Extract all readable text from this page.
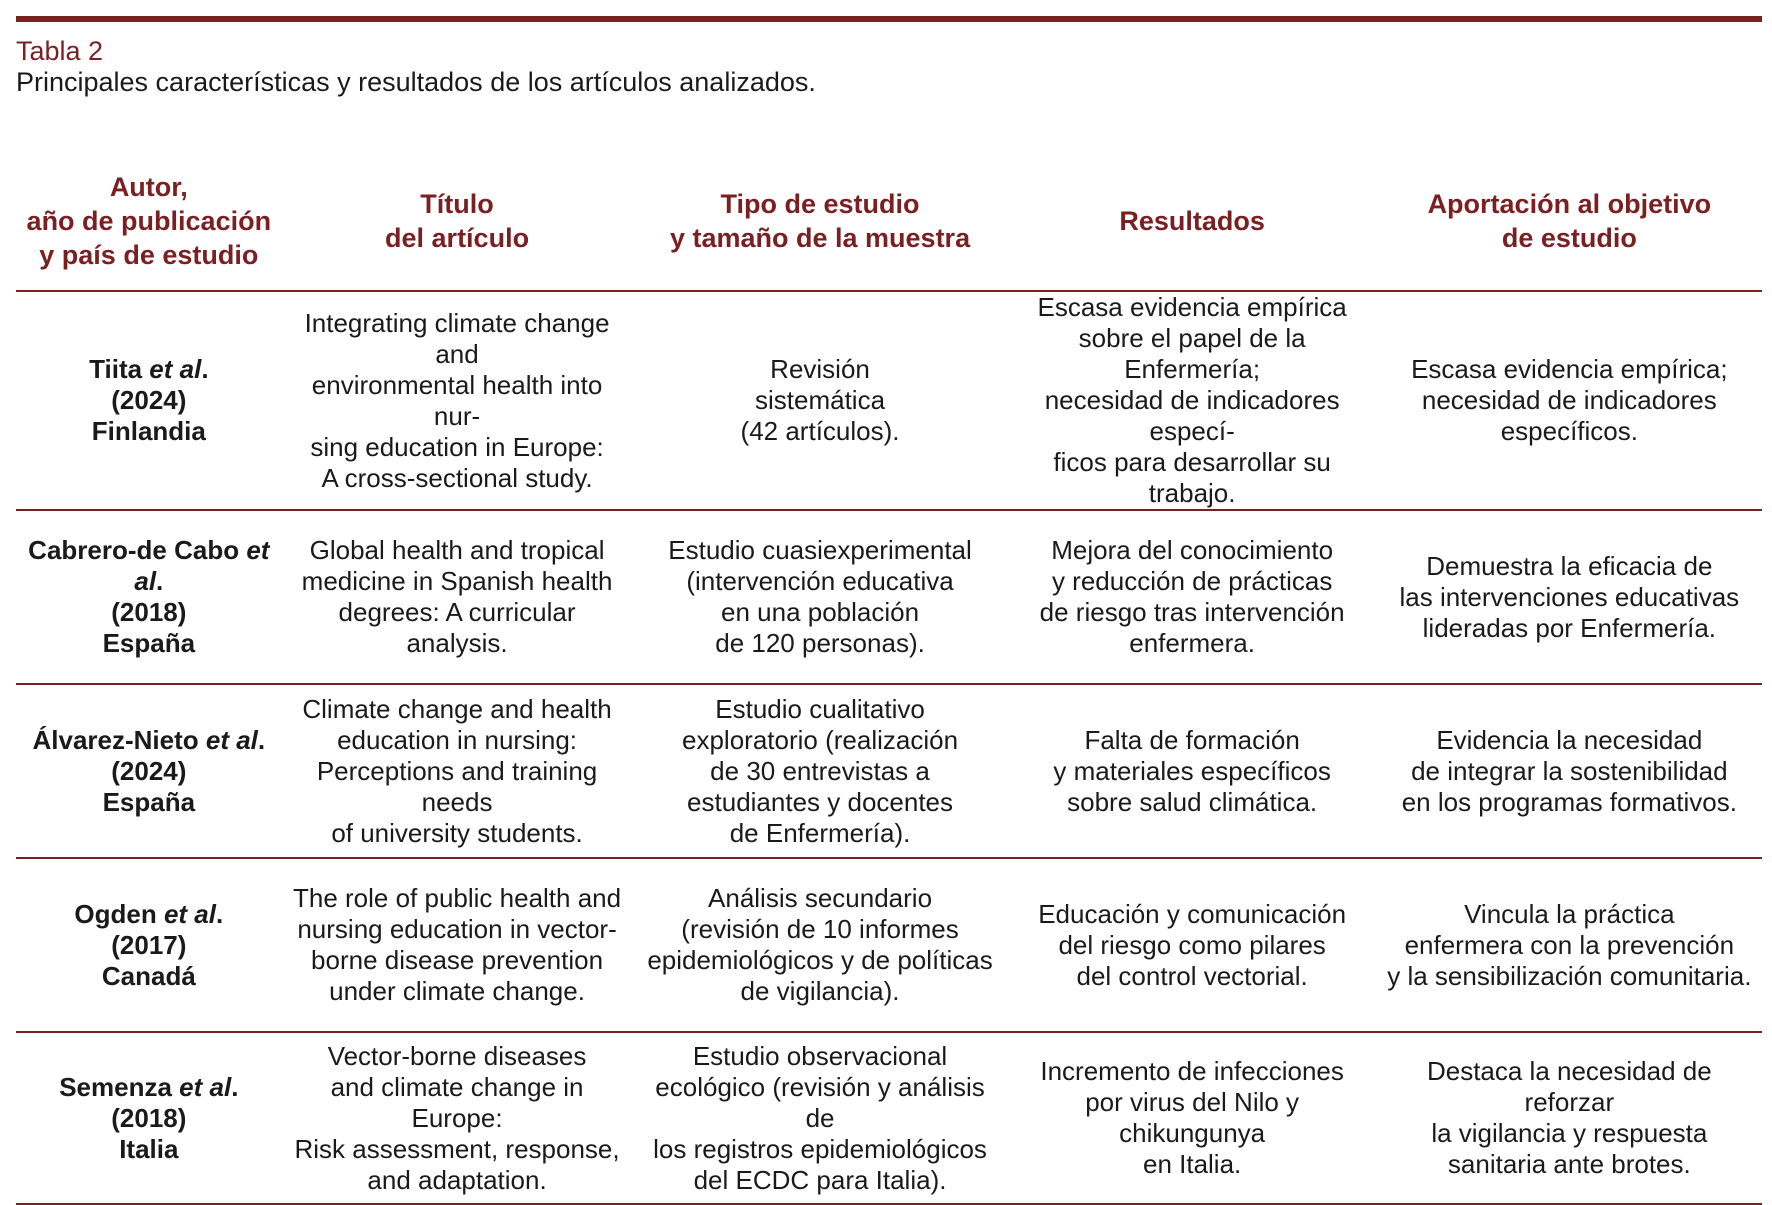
Tabla 2
Principales características y resultados de los artículos analizados.
Autor,
año de publicación
y país de estudio	Título
del artículo	Tipo de estudio
y tamaño de la muestra	Resultados	Aportación al objetivo
de estudio

Tiita et al.
(2024)
Finlandia	Integrating climate change and
environmental health into nur-
sing education in Europe:
A cross-sectional study.	Revisión
sistemática
(42 artículos).	Escasa evidencia empírica
sobre el papel de la Enfermería;
necesidad de indicadores especí-
ficos para desarrollar su trabajo.	Escasa evidencia empírica;
necesidad de indicadores
específicos.

Cabrero-de Cabo et al.
(2018)
España	Global health and tropical
medicine in Spanish health
degrees: A curricular analysis.	Estudio cuasiexperimental
(intervención educativa
en una población
de 120 personas).	Mejora del conocimiento
y reducción de prácticas
de riesgo tras intervención
enfermera.	Demuestra la eficacia de
las intervenciones educativas
lideradas por Enfermería.

Álvarez-Nieto et al.
(2024)
España	Climate change and health
education in nursing:
Perceptions and training needs
of university students.	Estudio cualitativo
exploratorio (realización
de 30 entrevistas a
estudiantes y docentes
de Enfermería).	Falta de formación
y materiales específicos
sobre salud climática.	Evidencia la necesidad
de integrar la sostenibilidad
en los programas formativos.

Ogden et al.
(2017)
Canadá	The role of public health and
nursing education in vector-
borne disease prevention
under climate change.	Análisis secundario
(revisión de 10 informes
epidemiológicos y de políticas
de vigilancia).	Educación y comunicación
del riesgo como pilares
del control vectorial.	Vincula la práctica
enfermera con la prevención
y la sensibilización comunitaria.

Semenza et al.
(2018)
Italia	Vector-borne diseases
and climate change in Europe:
Risk assessment, response,
and adaptation.	Estudio observacional
ecológico (revisión y análisis de
los registros epidemiológicos
del ECDC para Italia).	Incremento de infecciones
por virus del Nilo y chikungunya
en Italia.	Destaca la necesidad de reforzar
la vigilancia y respuesta
sanitaria ante brotes.
